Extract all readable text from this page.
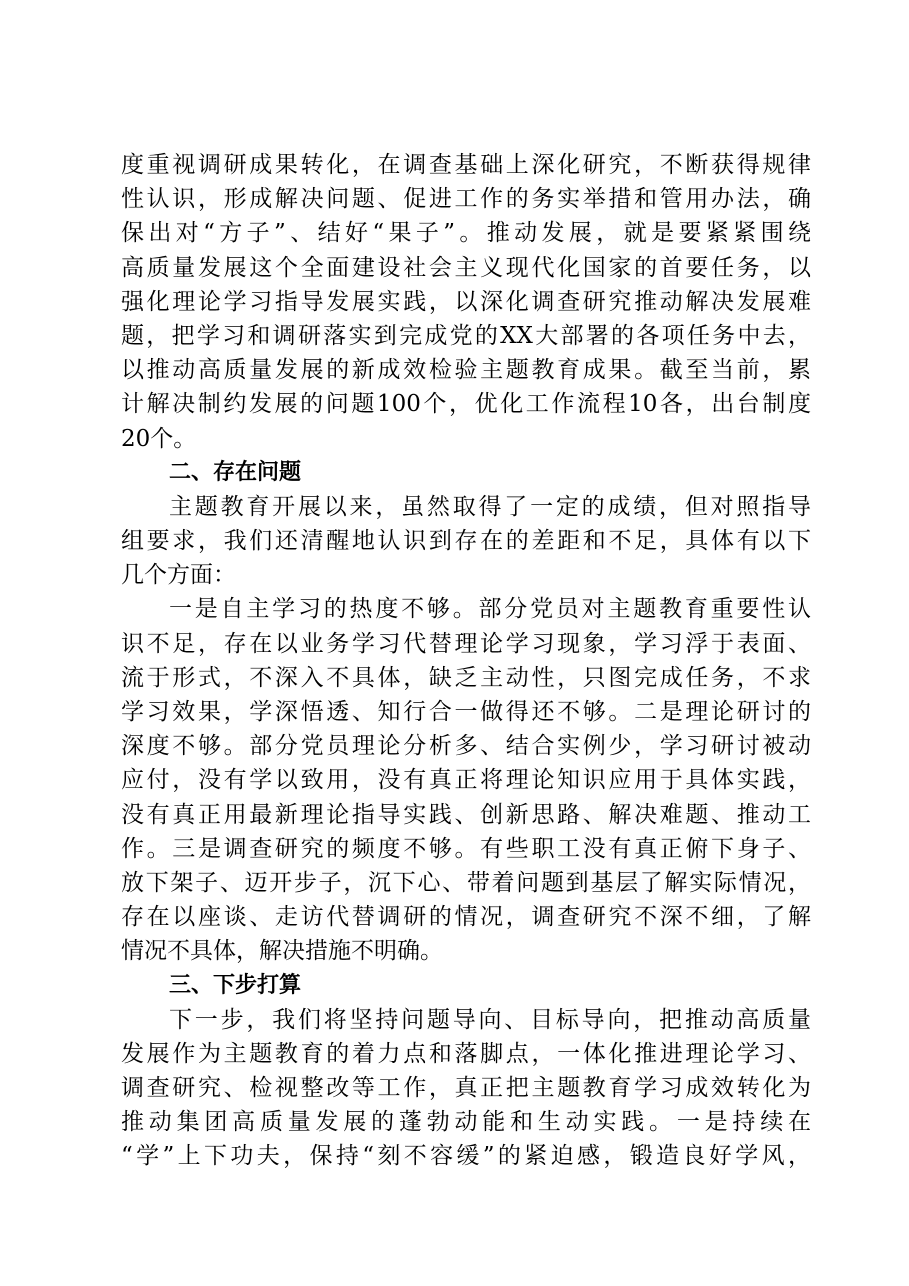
度重视调研成果转化，在调查基础上深化研究，不断获得规律
性认识，形成解决问题、促进工作的务实举措和管用办法，确
保出对“方子”、结好“果子”。推动发展，就是要紧紧围绕
高质量发展这个全面建设社会主义现代化国家的首要任务，以
强化理论学习指导发展实践，以深化调查研究推动解决发展难
题，把学习和调研落实到完成党的XX大部署的各项任务中去，
以推动高质量发展的新成效检验主题教育成果。截至当前，累
计解决制约发展的问题100个，优化工作流程10各，出台制度
20个。
二、存在问题
主题教育开展以来，虽然取得了一定的成绩，但对照指导
组要求，我们还清醒地认识到存在的差距和不足，具体有以下
几个方面：
一是自主学习的热度不够。部分党员对主题教育重要性认
识不足，存在以业务学习代替理论学习现象，学习浮于表面、
流于形式，不深入不具体，缺乏主动性，只图完成任务，不求
学习效果，学深悟透、知行合一做得还不够。二是理论研讨的
深度不够。部分党员理论分析多、结合实例少，学习研讨被动
应付，没有学以致用，没有真正将理论知识应用于具体实践，
没有真正用最新理论指导实践、创新思路、解决难题、推动工
作。三是调查研究的频度不够。有些职工没有真正俯下身子、
放下架子、迈开步子，沉下心、带着问题到基层了解实际情况，
存在以座谈、走访代替调研的情况，调查研究不深不细，了解
情况不具体，解决措施不明确。
三、下步打算
下一步，我们将坚持问题导向、目标导向，把推动高质量
发展作为主题教育的着力点和落脚点，一体化推进理论学习、
调查研究、检视整改等工作，真正把主题教育学习成效转化为
推动集团高质量发展的蓬勃动能和生动实践。一是持续在
“学”上下功夫，保持“刻不容缓”的紧迫感，锻造良好学风，
